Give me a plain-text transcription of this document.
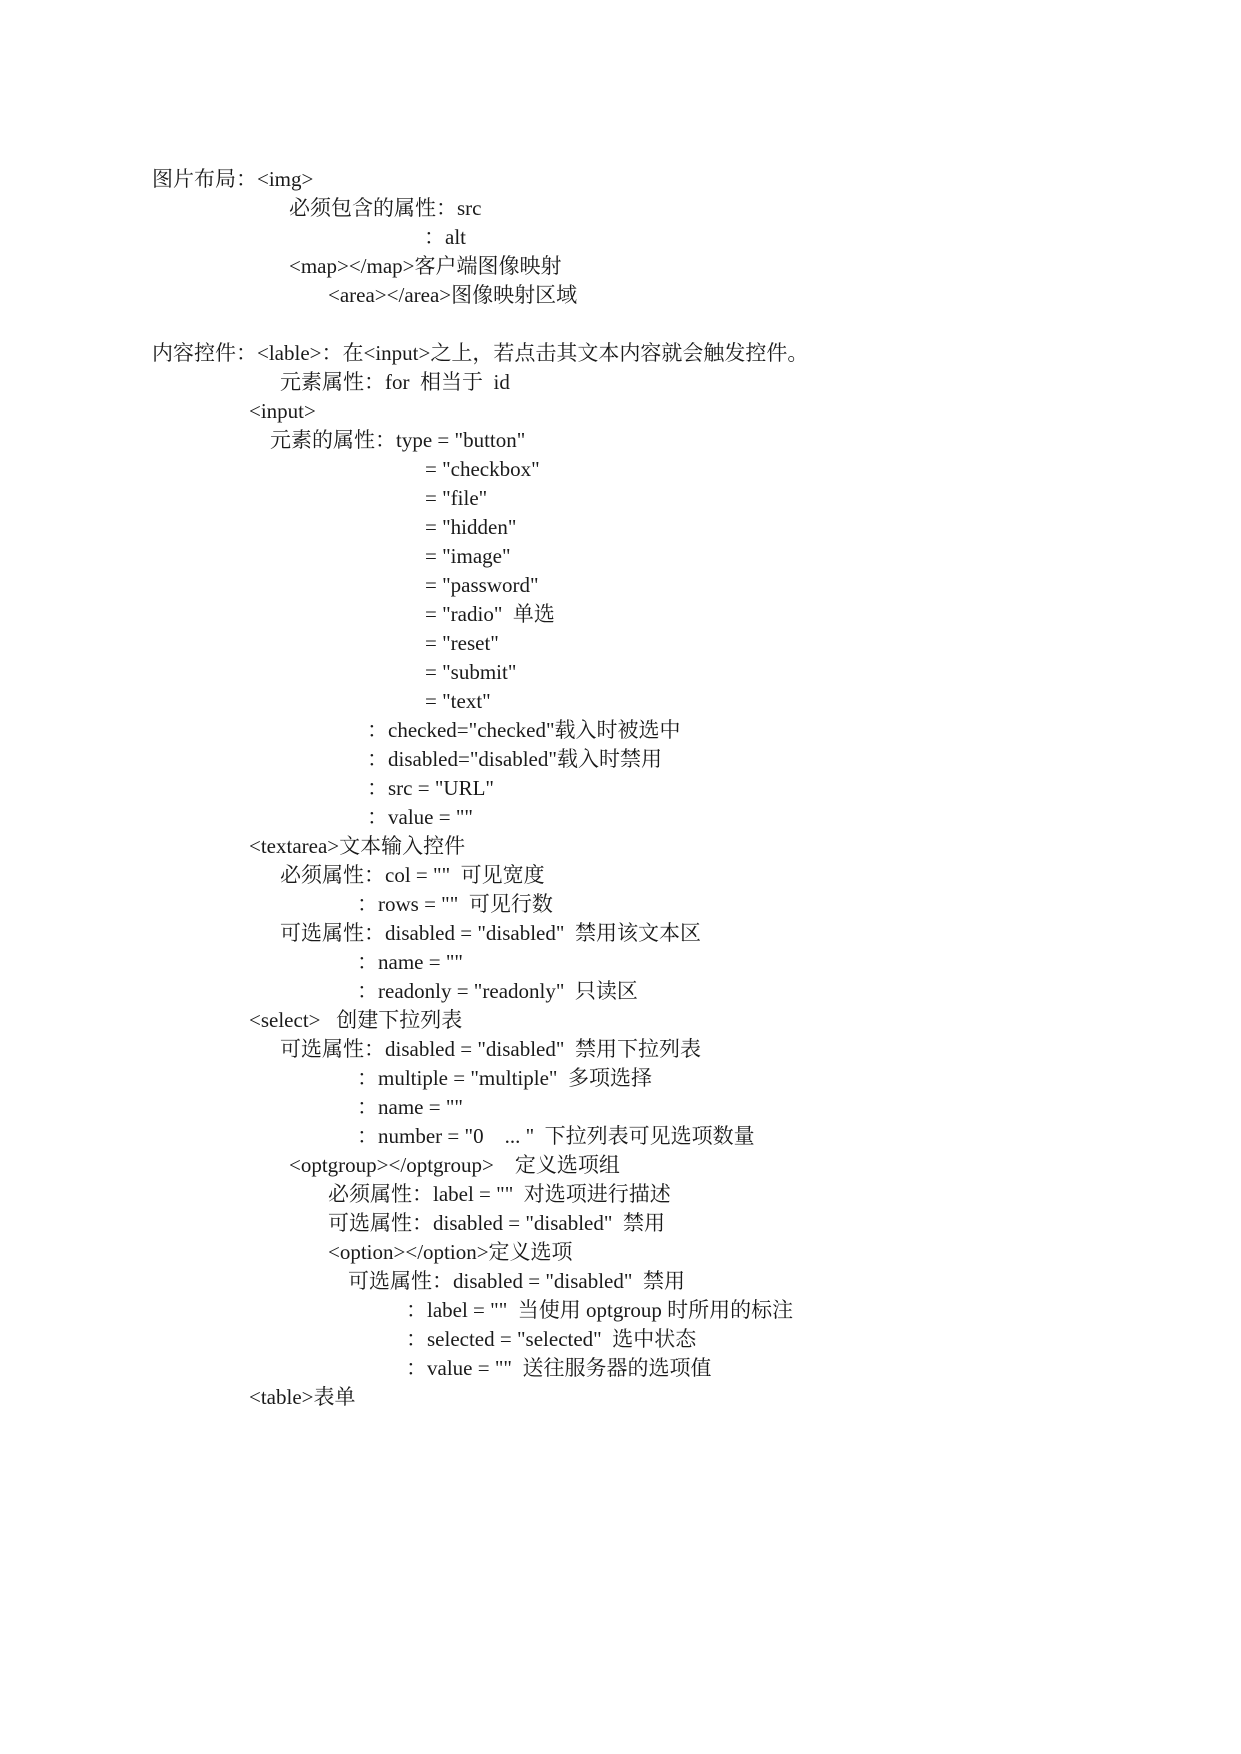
图片布局：<img>

必须包含的属性：src

：alt

<map></map>客户端图像映射

<area></area>图像映射区域

内容控件：<lable>：在<input>之上，若点击其文本内容就会触发控件。

元素属性：for  相当于  id

<input>

元素的属性：type = "button"

= "checkbox"

= "file"

= "hidden"

= "image"

= "password"

= "radio"  单选

= "reset"

= "submit"

= "text"

：checked="checked"载入时被选中

：disabled="disabled"载入时禁用

：src = "URL"

：value = ""

<textarea>文本输入控件

必须属性：col = ""  可见宽度

：rows = ""  可见行数

可选属性：disabled = "disabled"  禁用该文本区

：name = ""

：readonly = "readonly"  只读区

<select>   创建下拉列表

可选属性：disabled = "disabled"  禁用下拉列表

：multiple = "multiple"  多项选择

：name = ""

：number = "0    ... "  下拉列表可见选项数量

<optgroup></optgroup>    定义选项组

必须属性：label = ""  对选项进行描述

可选属性：disabled = "disabled"  禁用

<option></option>定义选项

可选属性：disabled = "disabled"  禁用

：label = ""  当使用 optgroup 时所用的标注

：selected = "selected"  选中状态

：value = ""  送往服务器的选项值

<table>表单
